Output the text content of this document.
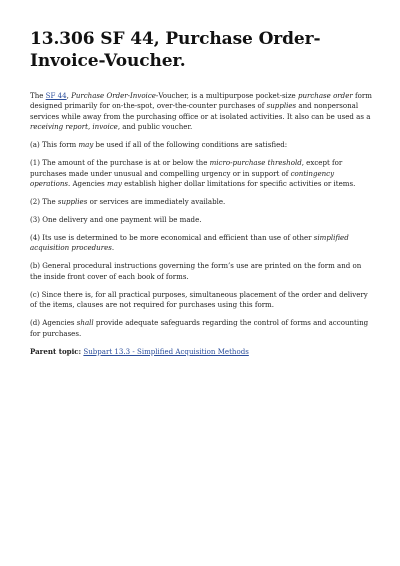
13.306 SF 44, Purchase Order-Invoice-Voucher.

The SF 44, Purchase Order-Invoice-Voucher, is a multipurpose pocket-size purchase order form designed primarily for on-the-spot, over-the-counter purchases of supplies and nonpersonal services while away from the purchasing office or at isolated activities. It also can be used as a receiving report, invoice, and public voucher.

(a) This form may be used if all of the following conditions are satisfied:

(1) The amount of the purchase is at or below the micro-purchase threshold, except for purchases made under unusual and compelling urgency or in support of contingency operations. Agencies may establish higher dollar limitations for specific activities or items.

(2) The supplies or services are immediately available.

(3) One delivery and one payment will be made.

(4) Its use is determined to be more economical and efficient than use of other simplified acquisition procedures.

(b) General procedural instructions governing the form’s use are printed on the form and on the inside front cover of each book of forms.

(c) Since there is, for all practical purposes, simultaneous placement of the order and delivery of the items, clauses are not required for purchases using this form.

(d) Agencies shall provide adequate safeguards regarding the control of forms and accounting for purchases.

Parent topic: Subpart 13.3 - Simplified Acquisition Methods
